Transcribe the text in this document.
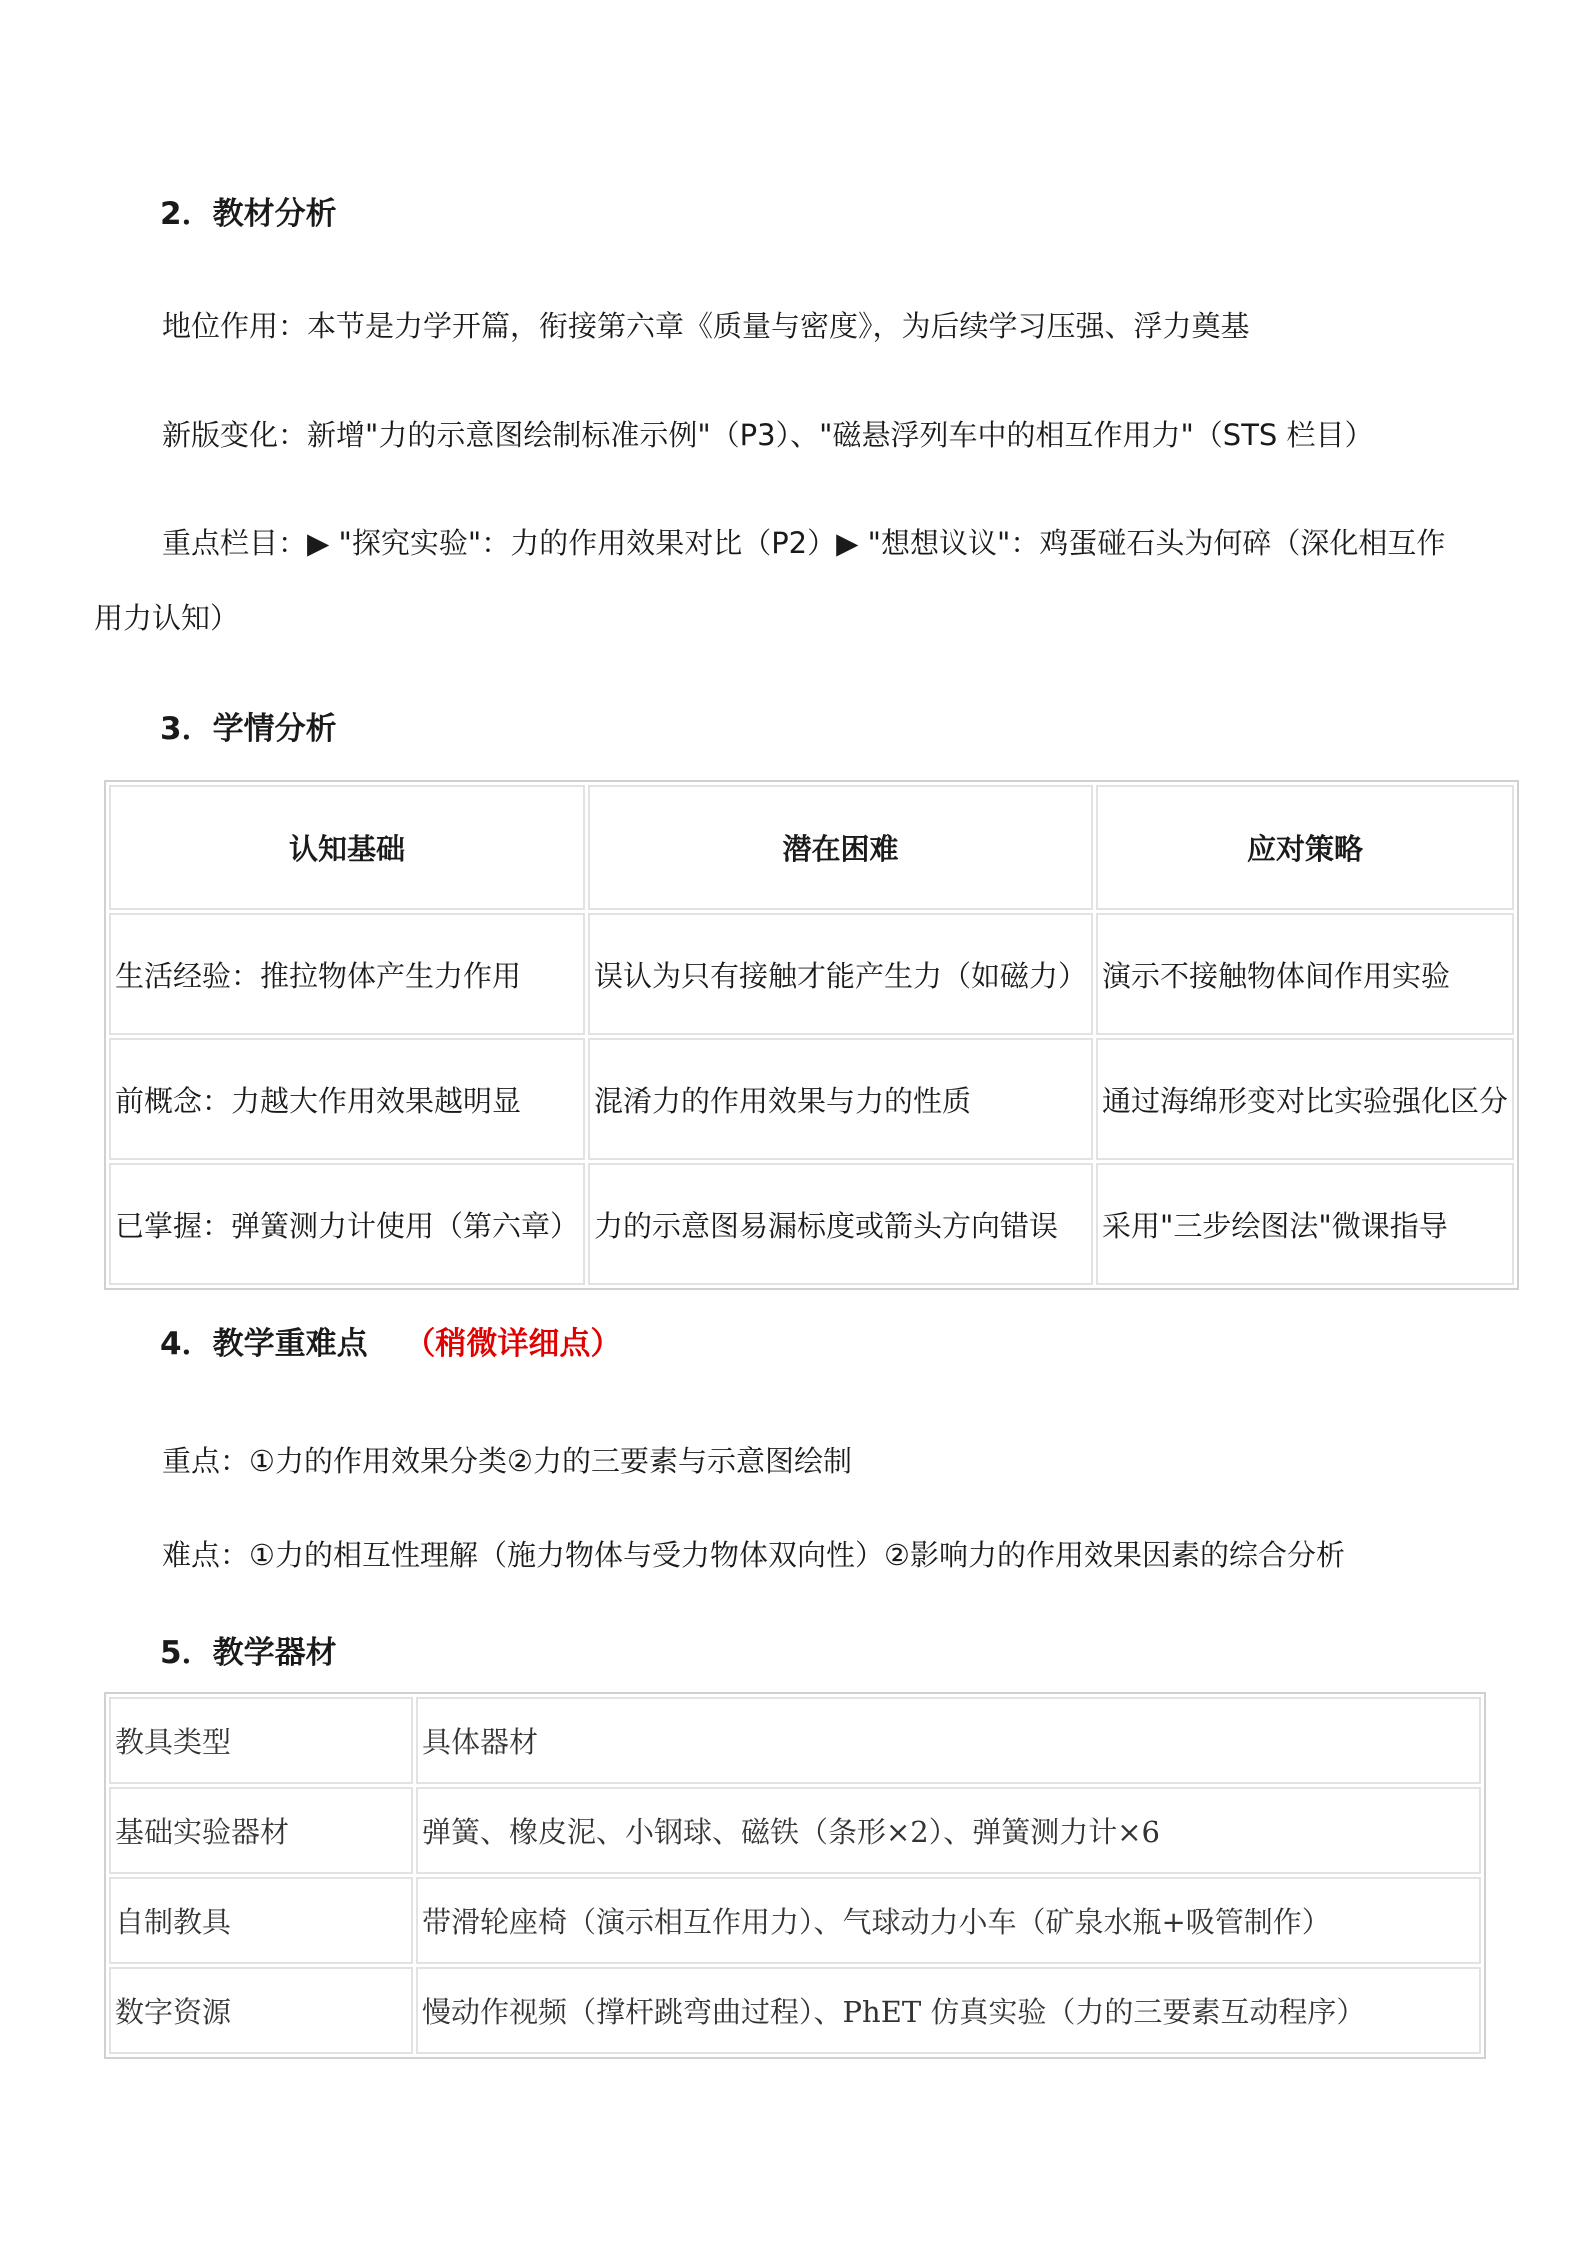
2．教材分析
地位作用：本节是力学开篇，衔接第六章《质量与密度》，为后续学习压强、浮力奠基
新版变化：新增"力的示意图绘制标准示例"（P3）、"磁悬浮列车中的相互作用力"（STS 栏目）
重点栏目：▶ "探究实验"：力的作用效果对比（P2）▶ "想想议议"：鸡蛋碰石头为何碎（深化相互作
用力认知）
3．学情分析
认知基础	潜在困难	应对策略
生活经验：推拉物体产生力作用	误认为只有接触才能产生力（如磁力）	演示不接触物体间作用实验
前概念：力越大作用效果越明显	混淆力的作用效果与力的性质	通过海绵形变对比实验强化区分
已掌握：弹簧测力计使用（第六章）	力的示意图易漏标度或箭头方向错误	采用"三步绘图法"微课指导
4．教学重难点 （稍微详细点）
重点：①力的作用效果分类②力的三要素与示意图绘制
难点：①力的相互性理解（施力物体与受力物体双向性）②影响力的作用效果因素的综合分析
5．教学器材
教具类型	具体器材
基础实验器材	弹簧、橡皮泥、小钢球、磁铁（条形×2）、弹簧测力计×6
自制教具	带滑轮座椅（演示相互作用力）、气球动力小车（矿泉水瓶+吸管制作）
数字资源	慢动作视频（撑杆跳弯曲过程）、PhET 仿真实验（力的三要素互动程序）
